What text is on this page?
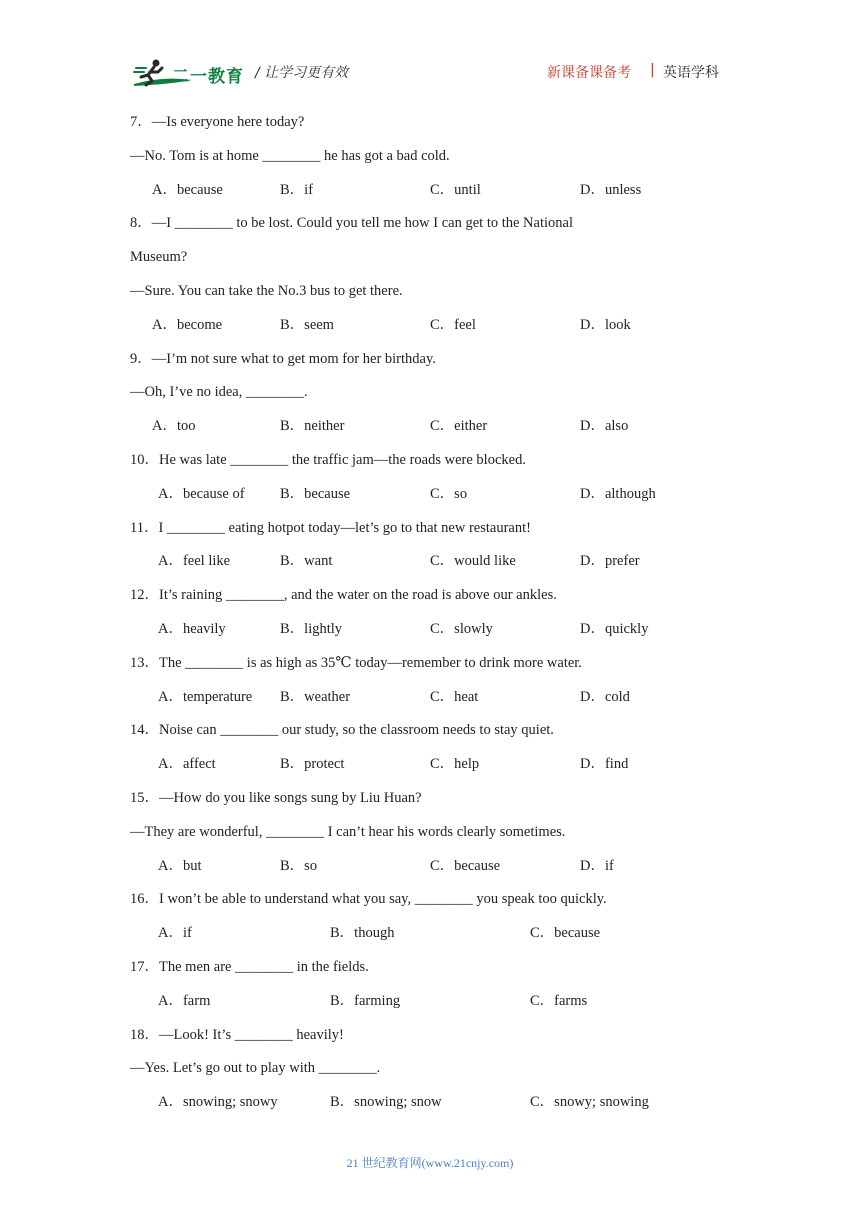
二一教育 / 让学习更有效	新课备课备考 | 英语学科
7．—Is everyone here today?
—No. Tom is at home ________ he has got a bad cold.
A．because	B．if	C．until	D．unless
8．—I ________ to be lost. Could you tell me how I can get to the National
Museum?
—Sure. You can take the No.3 bus to get there.
A．become	B．seem	C．feel	D．look
9．—I’m not sure what to get mom for her birthday.
—Oh, I’ve no idea, ________.
A．too	B．neither	C．either	D．also
10．He was late ________ the traffic jam—the roads were blocked.
A．because of B．because	C．so	D．although
11．I ________ eating hotpot today—let’s go to that new restaurant!
A．feel like	B．want	C．would like	D．prefer
12．It’s raining ________, and the water on the road is above our ankles.
A．heavily	B．lightly	C．slowly	D．quickly
13．The ________ is as high as 35℃ today—remember to drink more water.
A．temperature B．weather	C．heat	D．cold
14．Noise can ________ our study, so the classroom needs to stay quiet.
A．affect	B．protect	C．help	D．find
15．—How do you like songs sung by Liu Huan?
—They are wonderful, ________ I can’t hear his words clearly sometimes.
A．but	B．so	C．because	D．if
16．I won’t be able to understand what you say, ________ you speak too quickly.
A．if	B．though	C．because
17．The men are ________ in the fields.
A．farm	B．farming	C．farms
18．—Look! It’s ________ heavily!
—Yes. Let’s go out to play with ________.
A．snowing; snowy	B．snowing; snow	C．snowy; snowing
21 世纪教育网(www.21cnjy.com)
